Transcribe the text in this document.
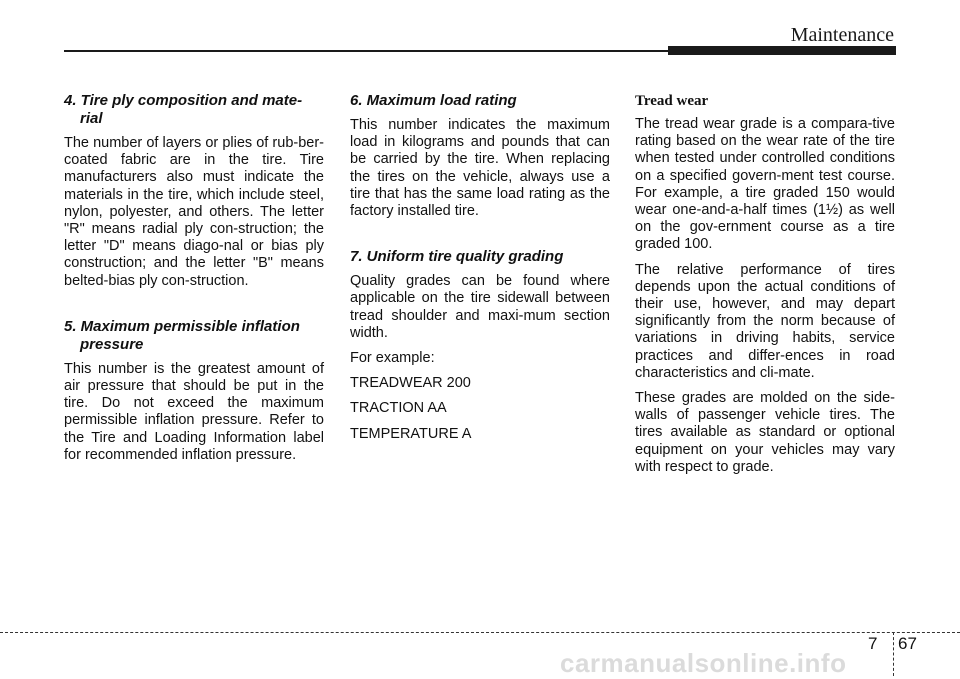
Maintenance
4. Tire ply composition and mate-rial

The number of layers or plies of rub-ber-coated fabric are in the tire. Tire manufacturers also must indicate the materials in the tire, which include steel, nylon, polyester, and others. The letter "R" means radial ply con-struction; the letter "D" means diago-nal or bias ply construction; and the letter "B" means belted-bias ply con-struction.

5. Maximum permissible inflation pressure

This number is the greatest amount of air pressure that should be put in the tire. Do not exceed the maximum permissible inflation pressure. Refer to the Tire and Loading Information label for recommended inflation pressure.

6. Maximum load rating

This number indicates the maximum load in kilograms and pounds that can be carried by the tire. When replacing the tires on the vehicle, always use a tire that has the same load rating as the factory installed tire.

7. Uniform tire quality grading

Quality grades can be found where applicable on the tire sidewall between tread shoulder and maxi-mum section width.

For example:

TREADWEAR 200

TRACTION AA

TEMPERATURE A

Tread wear

The tread wear grade is a compara-tive rating based on the wear rate of the tire when tested under controlled conditions on a specified govern-ment test course. For example, a tire graded 150 would wear one-and-a-half times (1½) as well on the gov-ernment course as a tire graded 100.

The relative performance of tires depends upon the actual conditions of their use, however, and may depart significantly from the norm because of variations in driving habits, service practices and differ-ences in road characteristics and cli-mate.

These grades are molded on the side-walls of passenger vehicle tires. The tires available as standard or optional equipment on your vehicles may vary with respect to grade.

7 67
carmanualsonline.info
